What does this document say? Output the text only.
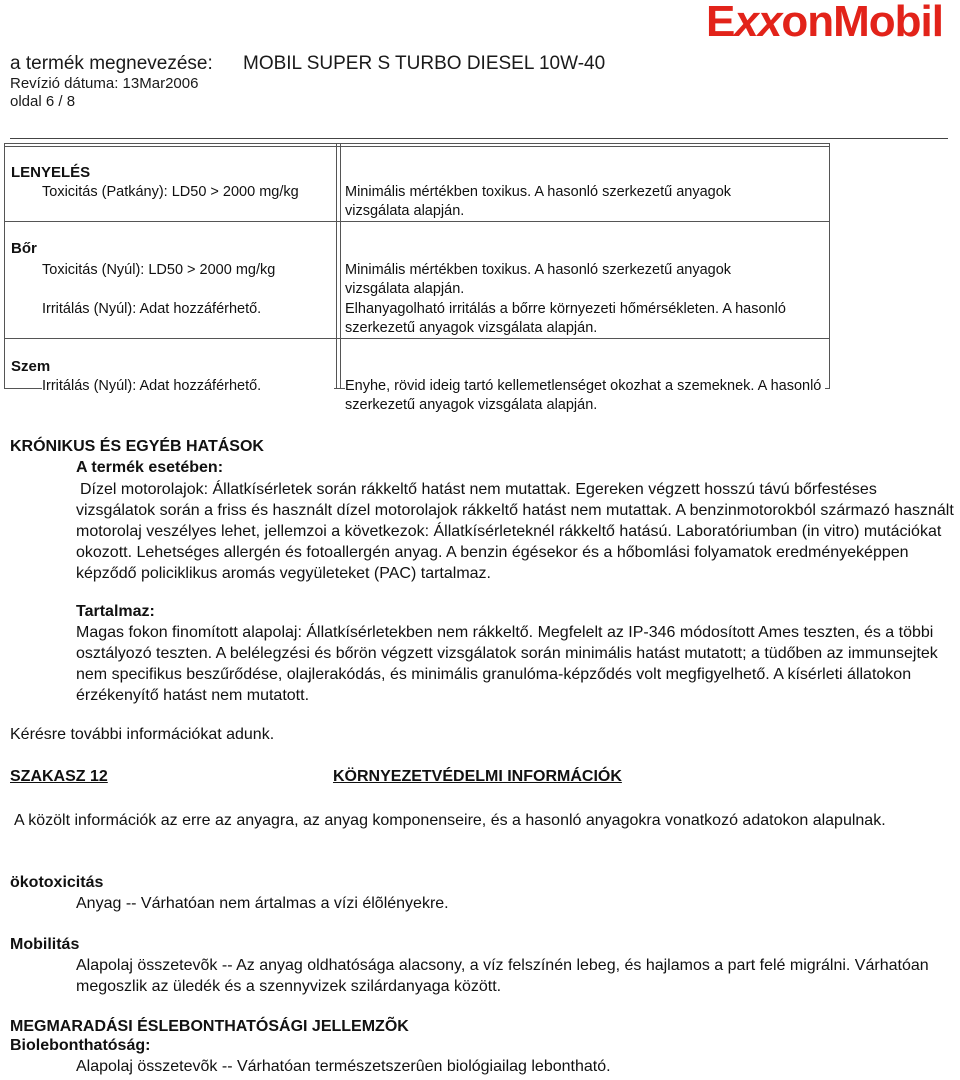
a termék megnevezése: MOBIL SUPER S TURBO DIESEL 10W-40
Revízió dátuma: 13Mar2006
oldal 6 / 8
ExxonMobil
LENYELÉS
Toxicitás (Patkány): LD50 > 2000 mg/kg	Minimális mértékben toxikus. A hasonló szerkezetű anyagok vizsgálata alapján.
Bőr
Toxicitás (Nyúl): LD50 > 2000 mg/kg	Minimális mértékben toxikus. A hasonló szerkezetű anyagok vizsgálata alapján.
Irritálás (Nyúl): Adat hozzáférhető.	Elhanyagolható irritálás a bőrre környezeti hőmérsékleten. A hasonló szerkezetű anyagok vizsgálata alapján.
Szem
Irritálás (Nyúl): Adat hozzáférhető.	Enyhe, rövid ideig tartó kellemetlenséget okozhat a szemeknek. A hasonló szerkezetű anyagok vizsgálata alapján.
KRÓNIKUS ÉS EGYÉB HATÁSOK
A termék esetében:
Dízel motorolajok: Állatkísérletek során rákkeltő hatást nem mutattak. Egereken végzett hosszú távú bőrfestéses vizsgálatok során a friss és használt dízel motorolajok rákkeltő hatást nem mutattak. A benzinmotorokból származó használt motorolaj veszélyes lehet, jellemzoi a következok: Állatkísérleteknél rákkeltő hatású. Laboratóriumban (in vitro) mutációkat okozott. Lehetséges allergén és fotoallergén anyag. A benzin égésekor és a hőbomlási folyamatok eredményeképpen képződő policiklikus aromás vegyületeket (PAC) tartalmaz.
Tartalmaz:
Magas fokon finomított alapolaj: Állatkísérletekben nem rákkeltő. Megfelelt az IP-346 módosított Ames teszten, és a többi osztályozó teszten. A belélegzési és bőrön végzett vizsgálatok során minimális hatást mutatott; a tüdőben az immunsejtek nem specifikus beszűrődése, olajlerakódás, és minimális granulóma-képződés volt megfigyelhető. A kísérleti állatokon érzékenyítő hatást nem mutatott.
Kérésre további információkat adunk.
SZAKASZ 12	KÖRNYEZETVÉDELMI INFORMÁCIÓK
A közölt információk az erre az anyagra, az anyag komponenseire, és a hasonló anyagokra vonatkozó adatokon alapulnak.
ökotoxicitás
Anyag -- Várhatóan nem ártalmas a vízi élõlényekre.
Mobilitás
Alapolaj összetevõk -- Az anyag oldhatósága alacsony, a víz felszínén lebeg, és hajlamos a part felé migrálni. Várhatóan megoszlik az üledék és a szennyvizek szilárdanyaga között.
MEGMARADÁSI ÉSLEBONTHATÓSÁGI JELLEMZÕK
Biolebonthatóság:
Alapolaj összetevõk -- Várhatóan természetszerûen biológiailag lebontható.
